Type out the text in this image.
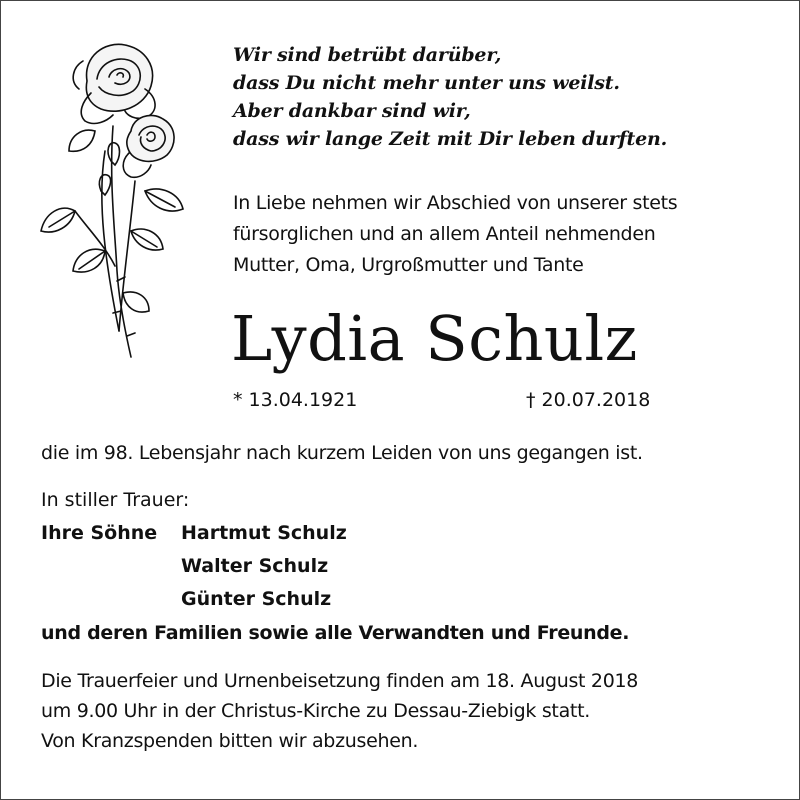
Wir sind betrübt darüber,
dass Du nicht mehr unter uns weilst.
Aber dankbar sind wir,
dass wir lange Zeit mit Dir leben durften.
In Liebe nehmen wir Abschied von unserer stets
fürsorglichen und an allem Anteil nehmenden
Mutter, Oma, Urgroßmutter und Tante
Lydia Schulz
* 13.04.1921	† 20.07.2018
die im 98. Lebensjahr nach kurzem Leiden von uns gegangen ist.
In stiller Trauer:
Ihre Söhne Hartmut Schulz
Walter Schulz
Günter Schulz
und deren Familien sowie alle Verwandten und Freunde.
Die Trauerfeier und Urnenbeisetzung finden am 18. August 2018
um 9.00 Uhr in der Christus-Kirche zu Dessau-Ziebigk statt.
Von Kranzspenden bitten wir abzusehen.
